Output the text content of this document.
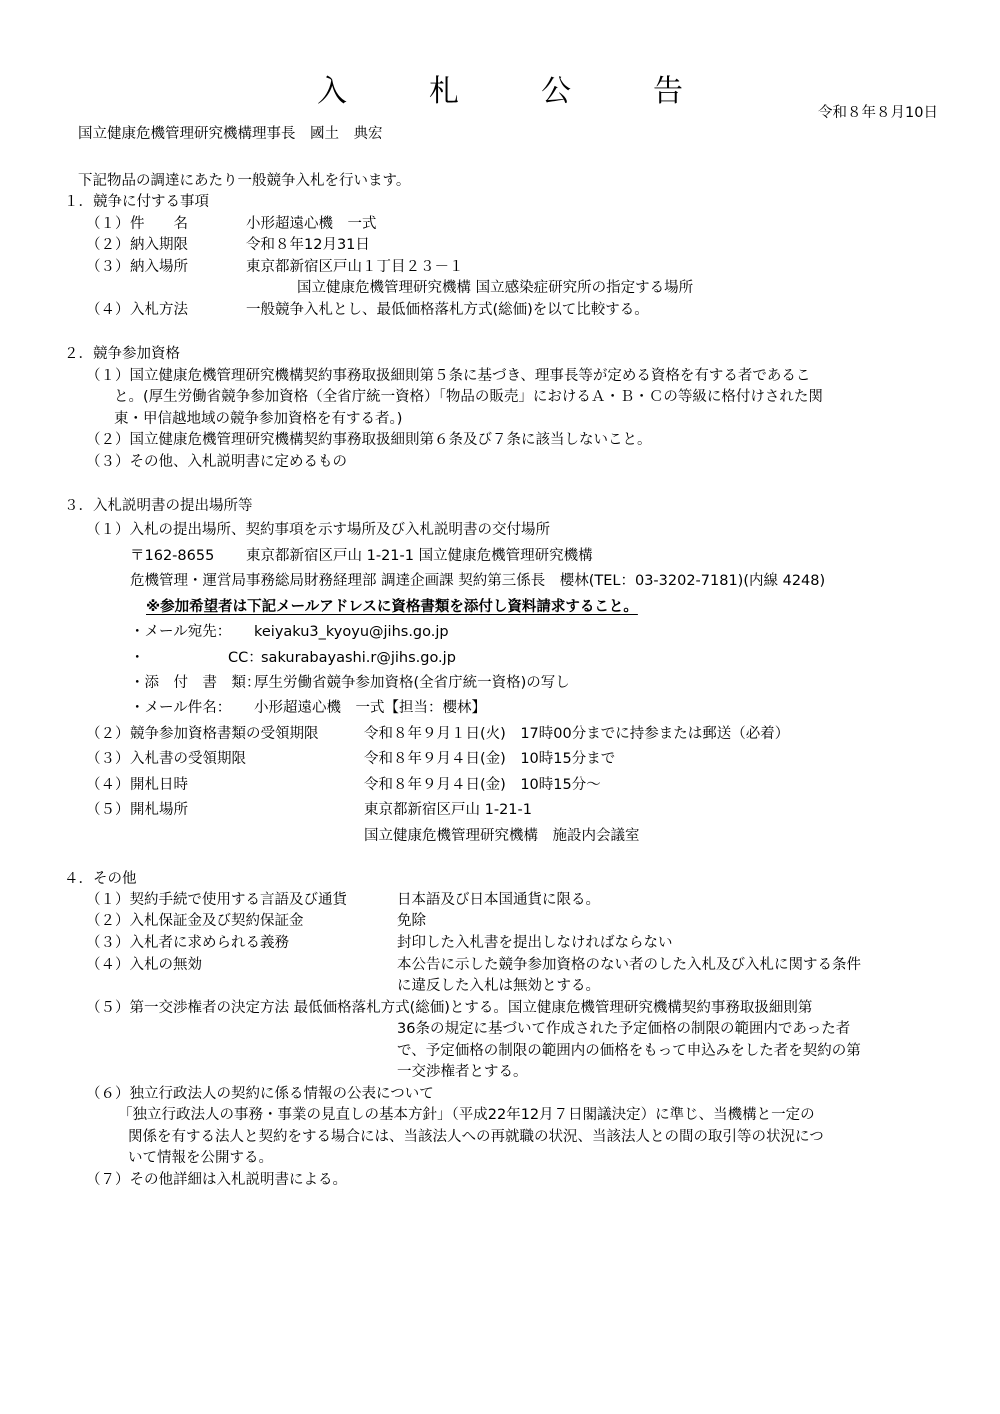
入　札　公　告
令和８年８月10日
国立健康危機管理研究機構理事長　國土　典宏
下記物品の調達にあたり一般競争入札を行います。
１．競争に付する事項
（１） 件　　名	小形超遠心機　一式
（２） 納入期限	令和８年12月31日
（３） 納入場所	東京都新宿区戸山１丁目２３－１
国立健康危機管理研究機構 国立感染症研究所の指定する場所
（４） 入札方法	一般競争入札とし、最低価格落札方式(総価)を以て比較する。
２．競争参加資格
（１）国立健康危機管理研究機構契約事務取扱細則第５条に基づき、理事長等が定める資格を有する者であるこ
と。(厚生労働省競争参加資格（全省庁統一資格）「物品の販売」におけるＡ・Ｂ・Ｃの等級に格付けされた関
東・甲信越地域の競争参加資格を有する者。)
（２）国立健康危機管理研究機構契約事務取扱細則第６条及び７条に該当しないこと。
（３）その他、入札説明書に定めるもの
３．入札説明書の提出場所等
（１）入札の提出場所、契約事項を示す場所及び入札説明書の交付場所
〒162-8655 東京都新宿区戸山 1-21-1 国立健康危機管理研究機構
危機管理・運営局事務総局財務経理部 調達企画課 契約第三係長　櫻林(TEL：03-3202-7181)(内線 4248)
※参加希望者は下記メールアドレスに資格書類を添付し資料請求すること。
・メール宛先： keiyaku3_kyoyu@jihs.go.jp
・	CC：
sakurabayashi.r@jihs.go.jp
・添　付　書　類：
厚生労働省競争参加資格(全省庁統一資格)の写し
・メール件名： 小形超遠心機　一式【担当：櫻林】
（２） 競争参加資格書類の受領期限	令和８年９月１日(火)　17時00分までに持参または郵送（必着）
（３） 入札書の受領期限	令和８年９月４日(金)　10時15分まで
（４） 開札日時	令和８年９月４日(金)　10時15分～
（５） 開札場所	東京都新宿区戸山 1-21-1
国立健康危機管理研究機構　施設内会議室
４．その他
（１）契約手続で使用する言語及び通貨	日本語及び日本国通貨に限る。
（２）入札保証金及び契約保証金	免除
（３）入札者に求められる義務	封印した入札書を提出しなければならない
（４）入札の無効	本公告に示した競争参加資格のない者のした入札及び入札に関する条件
に違反した入札は無効とする。
（５）第一交渉権者の決定方法 最低価格落札方式(総価)とする。国立健康危機管理研究機構契約事務取扱細則第
36条の規定に基づいて作成された予定価格の制限の範囲内であった者
で、予定価格の制限の範囲内の価格をもって申込みをした者を契約の第
一交渉権者とする。
（６）独立行政法人の契約に係る情報の公表について
「独立行政法人の事務・事業の見直しの基本方針」（平成22年12月７日閣議決定）に準じ、当機構と一定の
関係を有する法人と契約をする場合には、当該法人への再就職の状況、当該法人との間の取引等の状況につ
いて情報を公開する。
（７）その他詳細は入札説明書による。
